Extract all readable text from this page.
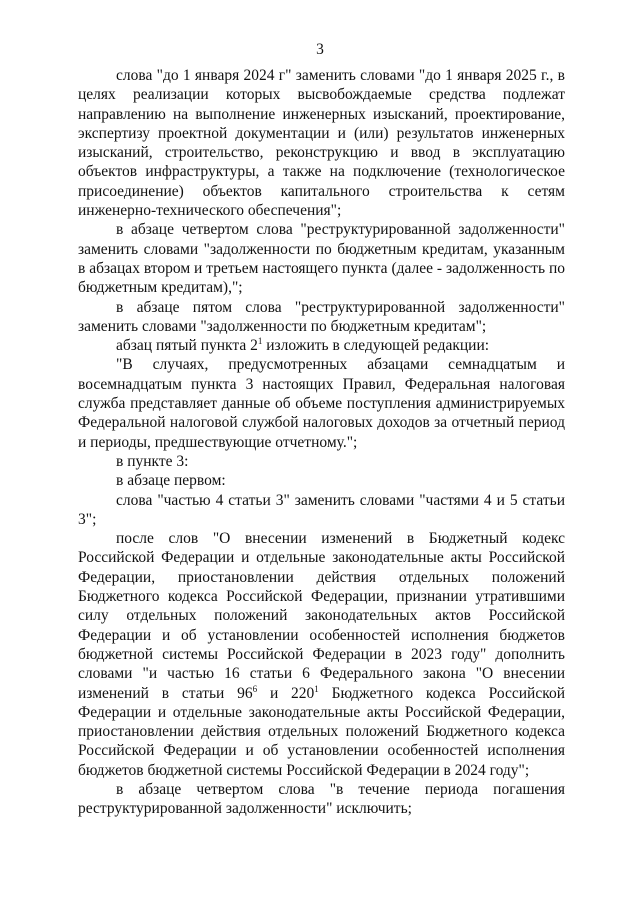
3

слова "до 1 января 2024 г" заменить словами "до 1 января 2025 г., в целях реализации которых высвобождаемые средства подлежат направлению на выполнение инженерных изысканий, проектирование, экспертизу проектной документации и (или) результатов инженерных изысканий, строительство, реконструкцию и ввод в эксплуатацию объектов инфраструктуры, а также на подключение (технологическое присоединение) объектов капитального строительства к сетям инженерно-технического обеспечения";

в абзаце четвертом слова "реструктурированной задолженности" заменить словами "задолженности по бюджетным кредитам, указанным в абзацах втором и третьем настоящего пункта (далее - задолженность по бюджетным кредитам),";

в абзаце пятом слова "реструктурированной задолженности" заменить словами "задолженности по бюджетным кредитам";

абзац пятый пункта $2^1$ изложить в следующей редакции:

"В случаях, предусмотренных абзацами семнадцатым и восемнадцатым пункта 3 настоящих Правил, Федеральная налоговая служба представляет данные об объеме поступления администрируемых Федеральной налоговой службой налоговых доходов за отчетный период и периоды, предшествующие отчетному.";

в пункте 3:

в абзаце первом:

слова "частью 4 статьи 3" заменить словами "частями 4 и 5 статьи 3";

после слов "О внесении изменений в Бюджетный кодекс Российской Федерации и отдельные законодательные акты Российской Федерации, приостановлении действия отдельных положений Бюджетного кодекса Российской Федерации, признании утратившими силу отдельных положений законодательных актов Российской Федерации и об установлении особенностей исполнения бюджетов бюджетной системы Российской Федерации в 2023 году" дополнить словами "и частью 16 статьи 6 Федерального закона "О внесении изменений в статьи $96^6$ и $220^1$ Бюджетного кодекса Российской Федерации и отдельные законодательные акты Российской Федерации, приостановлении действия отдельных положений Бюджетного кодекса Российской Федерации и об установлении особенностей исполнения бюджетов бюджетной системы Российской Федерации в 2024 году";

в абзаце четвертом слова "в течение периода погашения реструктурированной задолженности" исключить;
